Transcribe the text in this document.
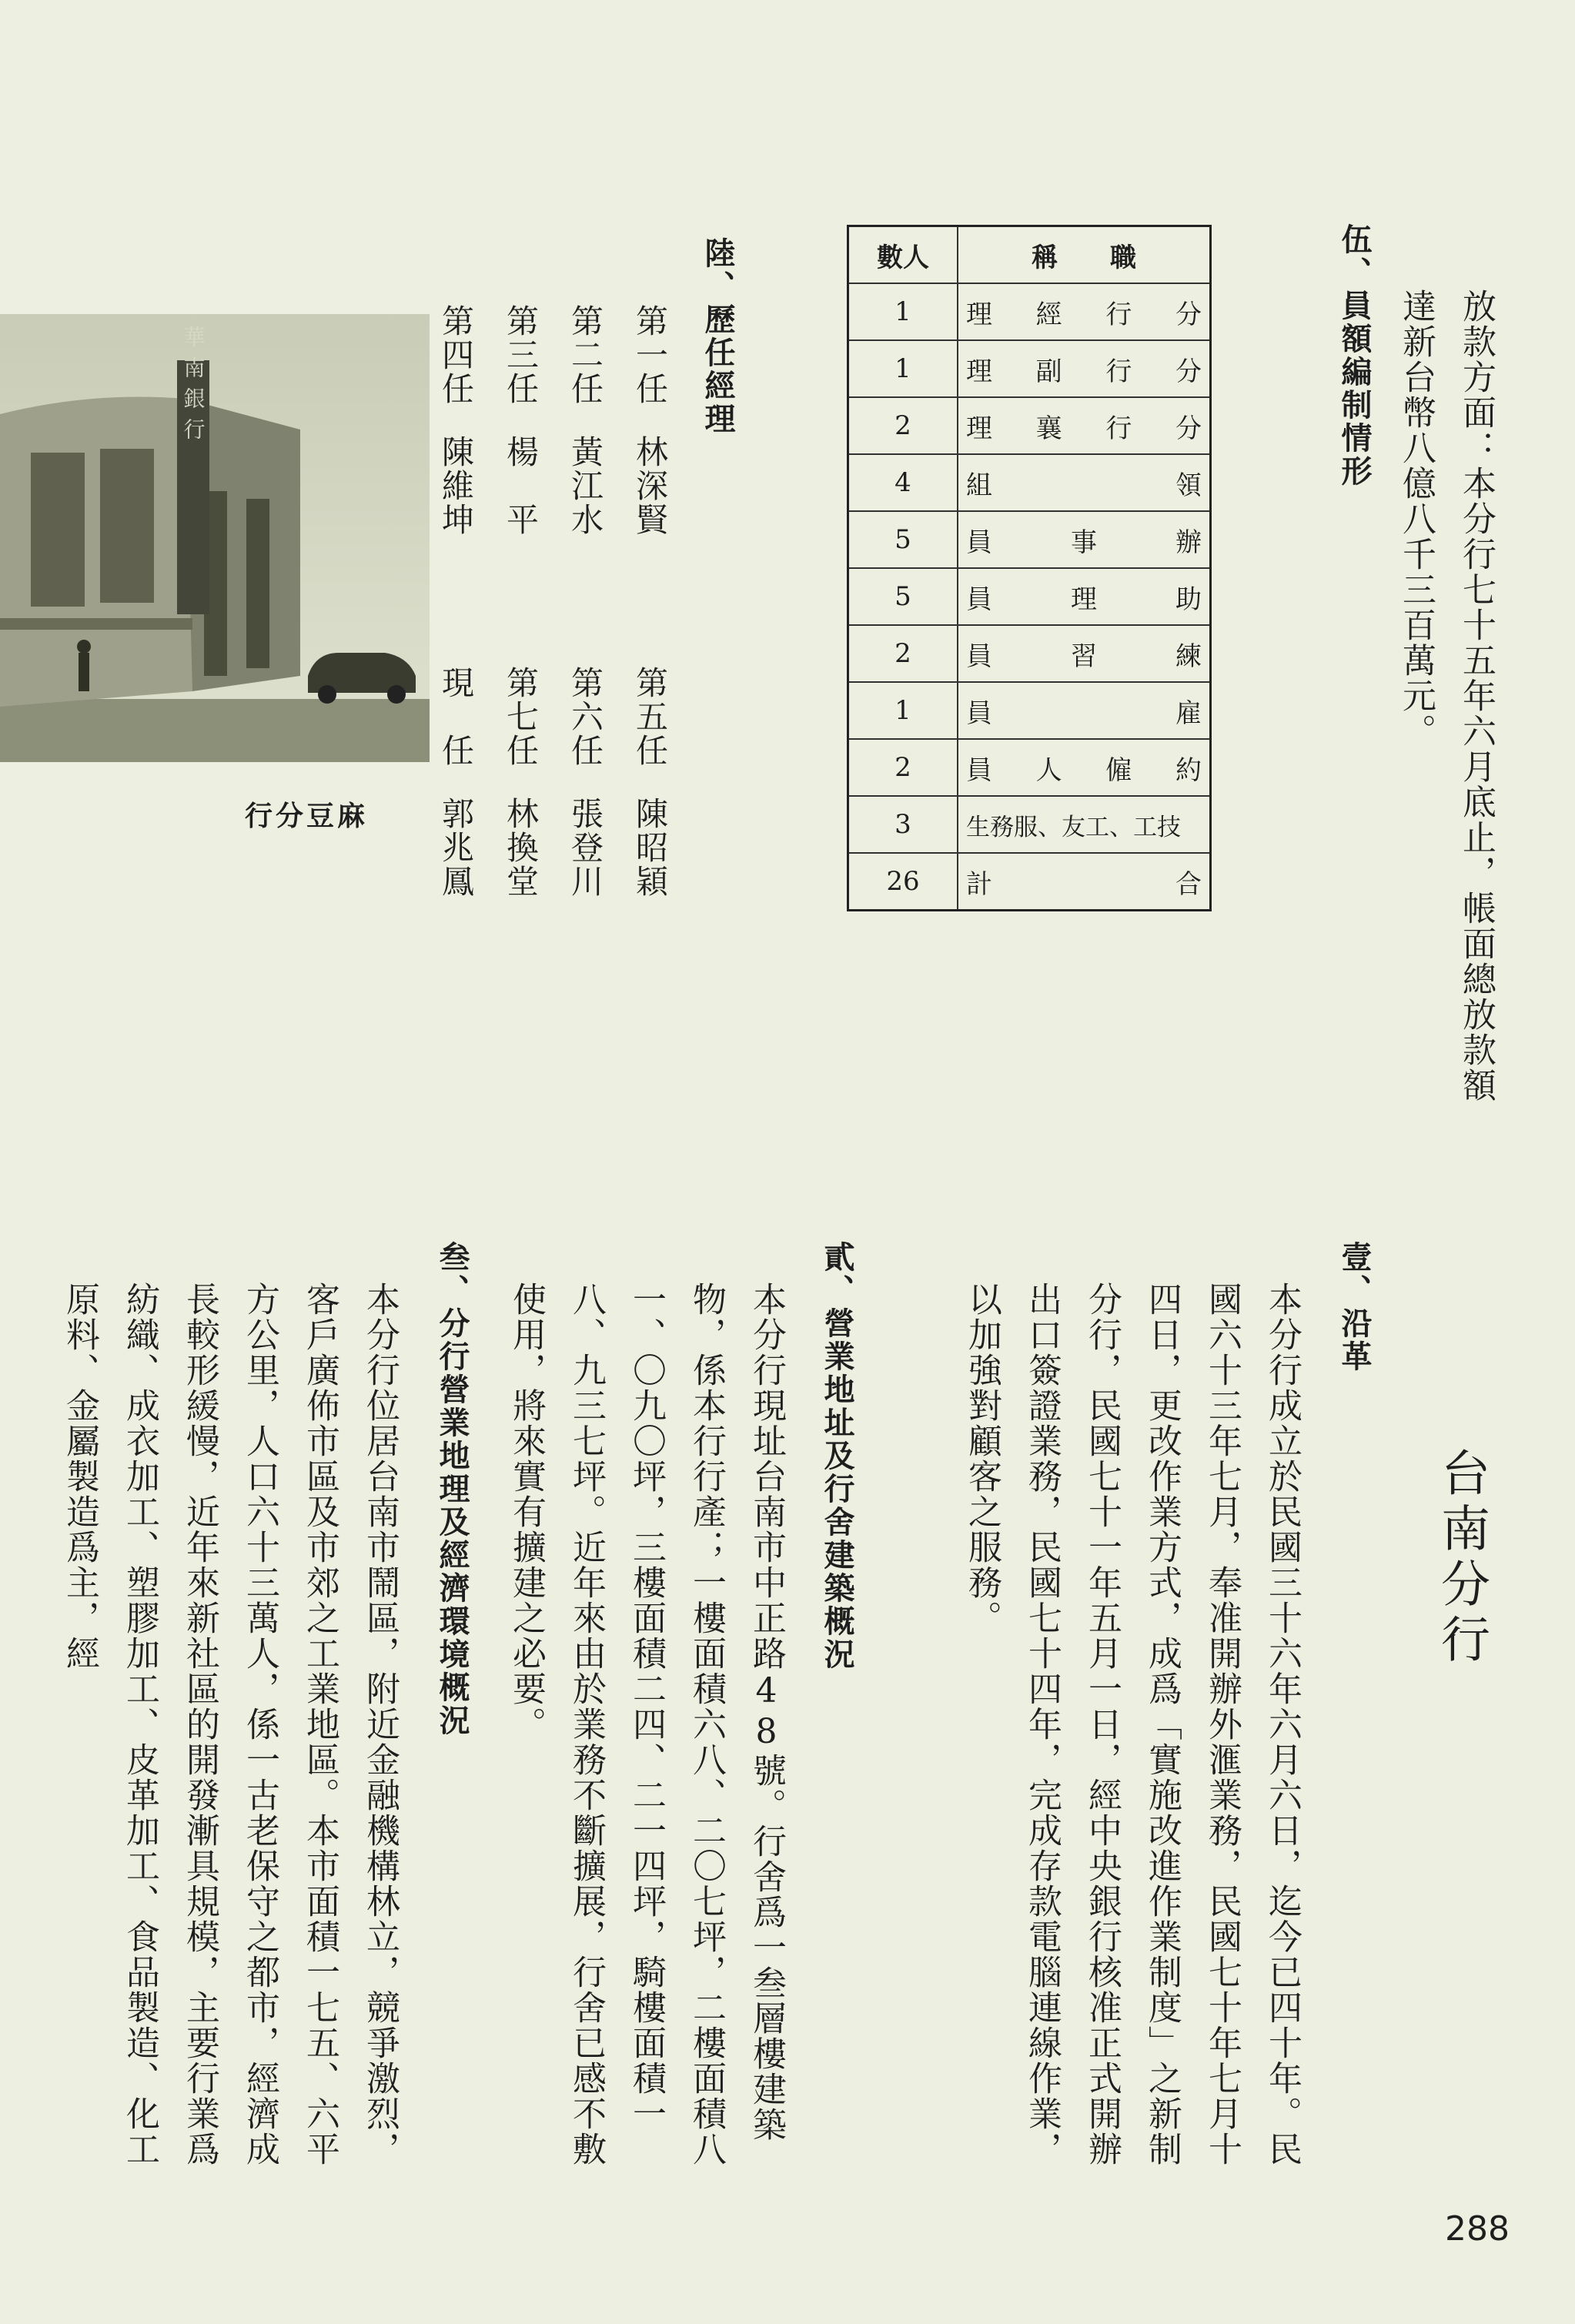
放款方面：本分行七十五年六月底止，帳面總放款額達新台幣八億八千三百萬元。
伍、員額編制情形
數人	稱　　職
1	理 經 行 分

1	理 副 行 分

2	理 襄 行 分

4	組 領

5	員 事 辦

5	員 理 助

2	員 習 練

1	員 雇

2	員 人 僱 約

3	生務服、友工、工技

26	計 合
陸、歷任經理
第一任林深賢第五任陳昭穎
第二任黃江水第六任張登川
第三任楊　平第七任林換堂
第四任陳維坤現　任郭兆鳳
華南銀行
行分豆麻
台南分行
壹、沿革
本分行成立於民國三十六年六月六日，迄今已四十年。民國六十三年七月，奉准開辦外滙業務，民國七十年七月十四日，更改作業方式，成爲「實施改進作業制度」之新制分行，民國七十一年五月一日，經中央銀行核准正式開辦出口簽證業務，民國七十四年，完成存款電腦連線作業，以加強對顧客之服務。
貳、營業地址及行舍建築概況
本分行現址台南市中正路48號。行舍爲一叁層樓建築物，係本行行產；一樓面積六八、二〇七坪，二樓面積八一、〇九〇坪，三樓面積二四、二一四坪，騎樓面積一八、九三七坪。近年來由於業務不斷擴展，行舍已感不敷使用，將來實有擴建之必要。
叁、分行營業地理及經濟環境概況
本分行位居台南市鬧區，附近金融機構林立，競爭激烈，客戶廣佈市區及市郊之工業地區。本市面積一七五、六平方公里，人口六十三萬人，係一古老保守之都市，經濟成長較形緩慢，近年來新社區的開發漸具規模，主要行業爲紡織、成衣加工、塑膠加工、皮革加工、食品製造、化工原料、金屬製造爲主，經
288
